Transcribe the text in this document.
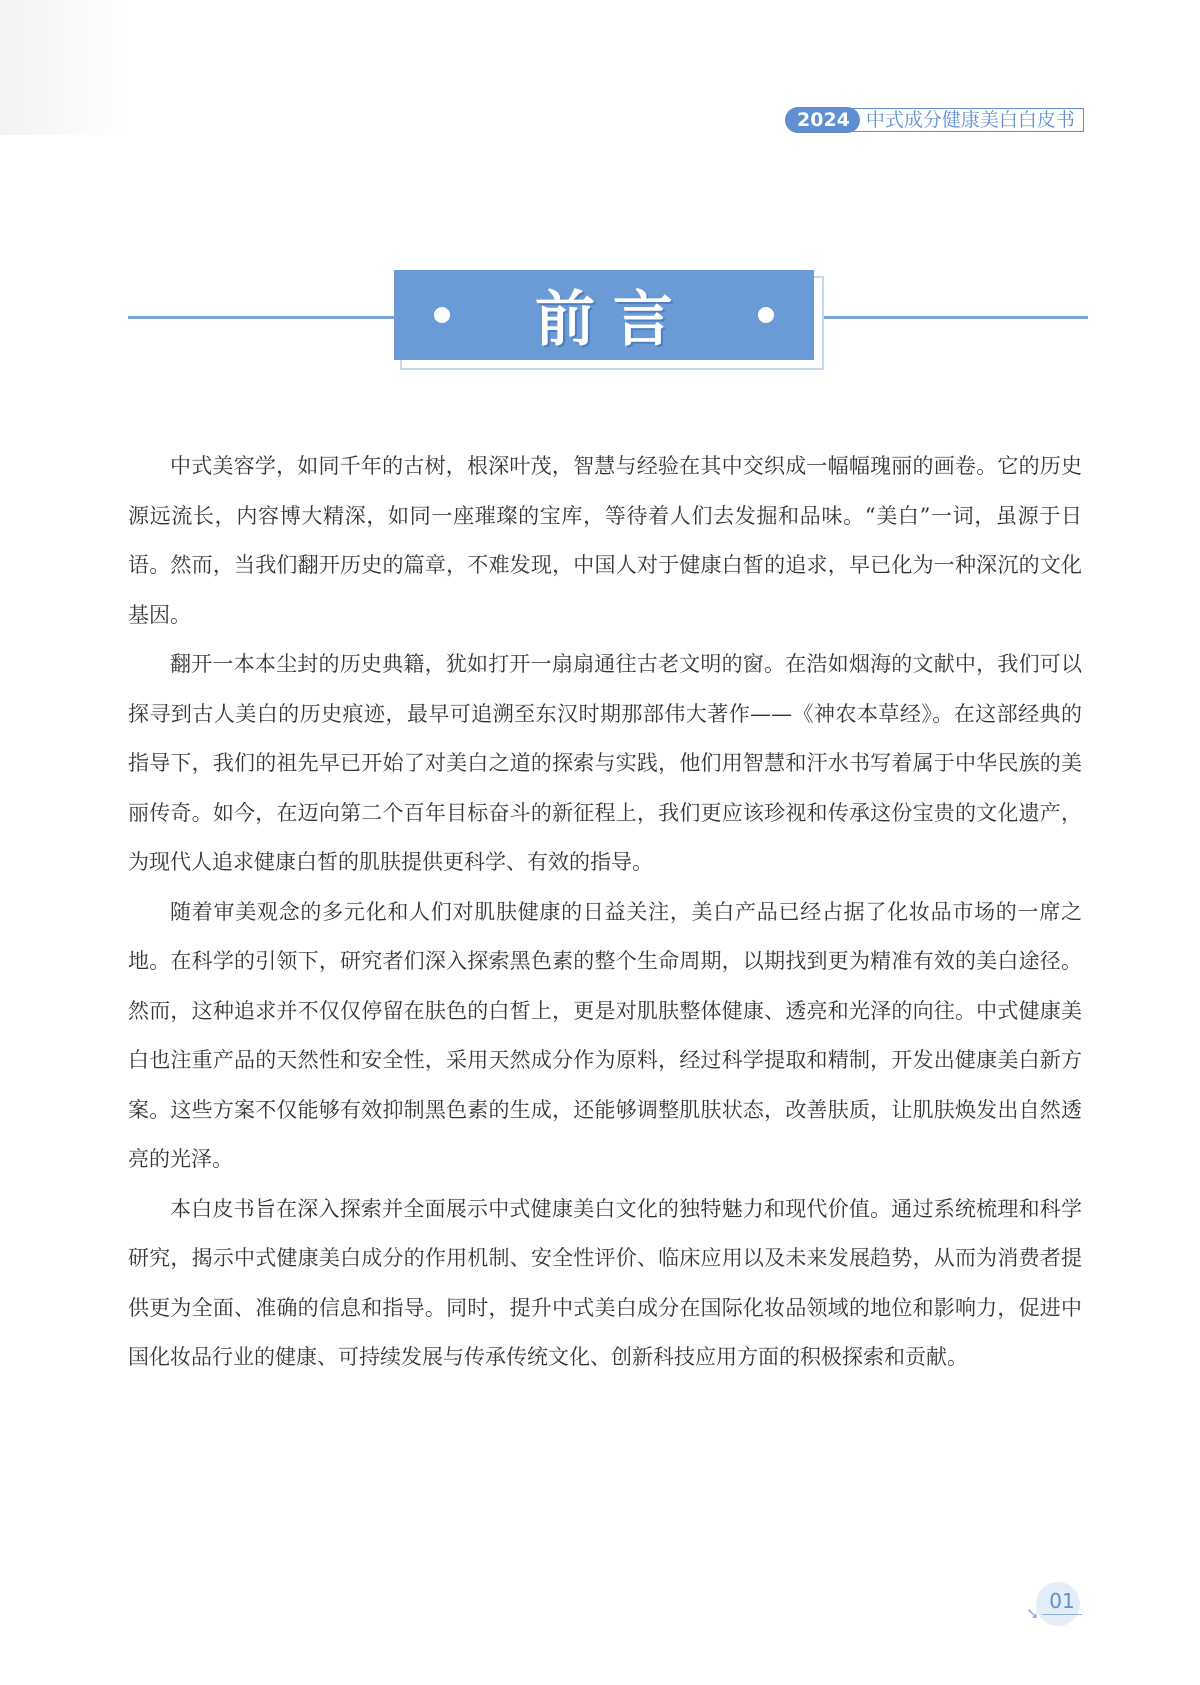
2024 中式成分健康美白白皮书
前言

中式美容学，如同千年的古树，根深叶茂，智慧与经验在其中交织成一幅幅瑰丽的画卷。它的历史源远流长，内容博大精深，如同一座璀璨的宝库，等待着人们去发掘和品味。“美白”一词，虽源于日语。然而，当我们翻开历史的篇章，不难发现，中国人对于健康白皙的追求，早已化为一种深沉的文化基因。

翻开一本本尘封的历史典籍，犹如打开一扇扇通往古老文明的窗。在浩如烟海的文献中，我们可以探寻到古人美白的历史痕迹，最早可追溯至东汉时期那部伟大著作——《神农本草经》。在这部经典的指导下，我们的祖先早已开始了对美白之道的探索与实践，他们用智慧和汗水书写着属于中华民族的美丽传奇。如今，在迈向第二个百年目标奋斗的新征程上，我们更应该珍视和传承这份宝贵的文化遗产，为现代人追求健康白皙的肌肤提供更科学、有效的指导。

随着审美观念的多元化和人们对肌肤健康的日益关注，美白产品已经占据了化妆品市场的一席之地。在科学的引领下，研究者们深入探索黑色素的整个生命周期，以期找到更为精准有效的美白途径。然而，这种追求并不仅仅停留在肤色的白皙上，更是对肌肤整体健康、透亮和光泽的向往。中式健康美白也注重产品的天然性和安全性，采用天然成分作为原料，经过科学提取和精制，开发出健康美白新方案。这些方案不仅能够有效抑制黑色素的生成，还能够调整肌肤状态，改善肤质，让肌肤焕发出自然透亮的光泽。

本白皮书旨在深入探索并全面展示中式健康美白文化的独特魅力和现代价值。通过系统梳理和科学研究，揭示中式健康美白成分的作用机制、安全性评价、临床应用以及未来发展趋势，从而为消费者提供更为全面、准确的信息和指导。同时，提升中式美白成分在国际化妆品领域的地位和影响力，促进中国化妆品行业的健康、可持续发展与传承传统文化、创新科技应用方面的积极探索和贡献。

➘
01
